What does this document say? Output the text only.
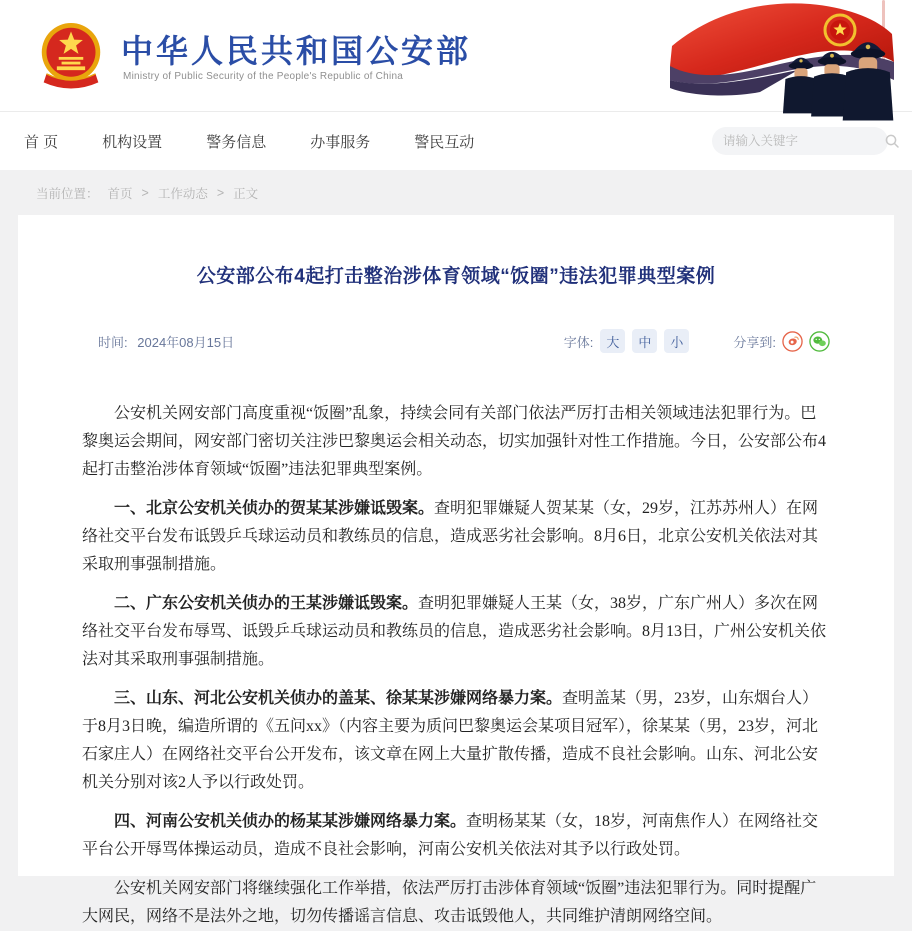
中华人民共和国公安部
Ministry of Public Security of the People's Republic of China
首 页	机构设置	警务信息	办事服务	警民互动
请输入关键字
当前位置： 首页 > 工作动态 > 正文
公安部公布4起打击整治涉体育领域“饭圈”违法犯罪典型案例
时间: 2024年08月15日	字体: 大	中	小	分享到:

公安机关网安部门高度重视“饭圈”乱象，持续会同有关部门依法严厉打击相关领域违法犯罪行为。巴黎奥运会期间，网安部门密切关注涉巴黎奥运会相关动态，切实加强针对性工作措施。今日，公安部公布4起打击整治涉体育领域“饭圈”违法犯罪典型案例。

一、北京公安机关侦办的贺某某涉嫌诋毁案。查明犯罪嫌疑人贺某某（女，29岁，江苏苏州人）在网络社交平台发布诋毁乒乓球运动员和教练员的信息，造成恶劣社会影响。8月6日，北京公安机关依法对其采取刑事强制措施。

二、广东公安机关侦办的王某涉嫌诋毁案。查明犯罪嫌疑人王某（女，38岁，广东广州人）多次在网络社交平台发布辱骂、诋毁乒乓球运动员和教练员的信息，造成恶劣社会影响。8月13日，广州公安机关依法对其采取刑事强制措施。

三、山东、河北公安机关侦办的盖某、徐某某涉嫌网络暴力案。查明盖某（男，23岁，山东烟台人）于8月3日晚，编造所谓的《五问xx》（内容主要为质问巴黎奥运会某项目冠军），徐某某（男，23岁，河北石家庄人）在网络社交平台公开发布，该文章在网上大量扩散传播，造成不良社会影响。山东、河北公安机关分别对该2人予以行政处罚。

四、河南公安机关侦办的杨某某涉嫌网络暴力案。查明杨某某（女，18岁，河南焦作人）在网络社交平台公开辱骂体操运动员，造成不良社会影响，河南公安机关依法对其予以行政处罚。

公安机关网安部门将继续强化工作举措，依法严厉打击涉体育领域“饭圈”违法犯罪行为。同时提醒广大网民，网络不是法外之地，切勿传播谣言信息、攻击诋毁他人，共同维护清朗网络空间。
